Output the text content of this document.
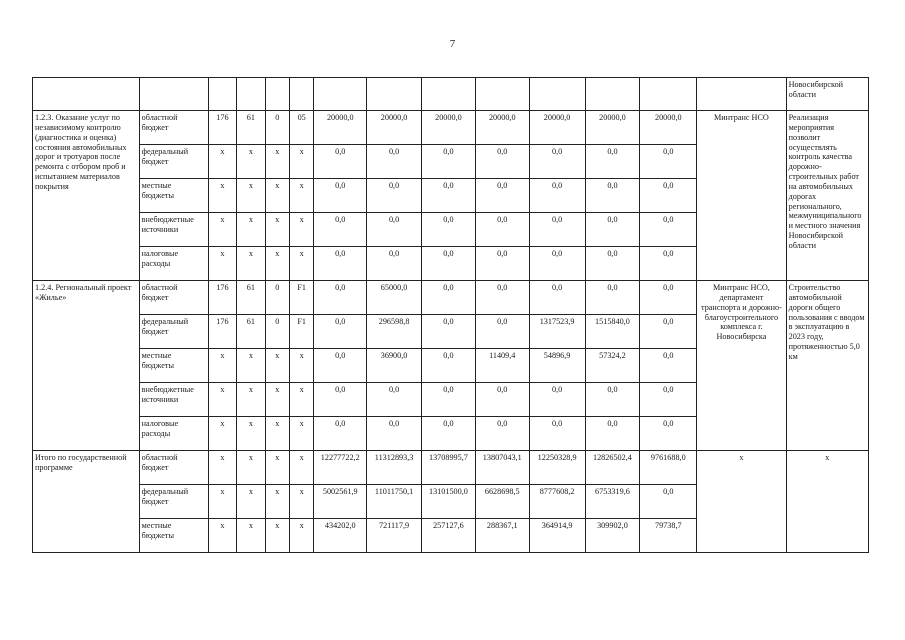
7
														Новосибирской области
1.2.3. Оказание услуг по независимому контролю (диагностика и оценка) состояния автомобильных дорог и тротуаров после ремонта с отбором проб и испытанием материалов покрытия	областной бюджет	176	61	0	05	20000,0	20000,0	20000,0	20000,0	20000,0	20000,0	20000,0	Минтранс НСО	Реализация мероприятия позволит осуществлять контроль качества дорожно-строительных работ на автомобильных дорогах регионального, межмуниципального и местного значения Новосибирской области
	федеральный бюджет	x	x	x	x	0,0	0,0	0,0	0,0	0,0	0,0	0,0		
	местные бюджеты	x	x	x	x	0,0	0,0	0,0	0,0	0,0	0,0	0,0		
	внебюджетные источники	x	x	x	x	0,0	0,0	0,0	0,0	0,0	0,0	0,0		
	налоговые расходы	x	x	x	x	0,0	0,0	0,0	0,0	0,0	0,0	0,0		
1.2.4. Региональный проект «Жилье»	областной бюджет	176	61	0	F1	0,0	65000,0	0,0	0,0	0,0	0,0	0,0	Минтранс НСО, департамент транспорта и дорожно-благоустроительного комплекса г. Новосибирска	Строительство автомобильной дороги общего пользования с вводом в эксплуатацию в 2023 году, протяженностью 5,0 км
	федеральный бюджет	176	61	0	F1	0,0	296598,8	0,0	0,0	1317523,9	1515840,0	0,0		
	местные бюджеты	x	x	x	x	0,0	36900,0	0,0	11409,4	54896,9	57324,2	0,0		
	внебюджетные источники	x	x	x	x	0,0	0,0	0,0	0,0	0,0	0,0	0,0		
	налоговые расходы	x	x	x	x	0,0	0,0	0,0	0,0	0,0	0,0	0,0		
Итого по государственной программе	областной бюджет	x	x	x	x	12277722,2	11312893,3	13708995,7	13807043,1	12250328,9	12826502,4	9761688,0	x	x
	федеральный бюджет	x	x	x	x	5002561,9	11011750,1	13101500,0	6628698,5	8777608,2	6753319,6	0,0		
	местные бюджеты	x	x	x	x	434202,0	721117,9	257127,6	288367,1	364914,9	309902,0	79738,7		
